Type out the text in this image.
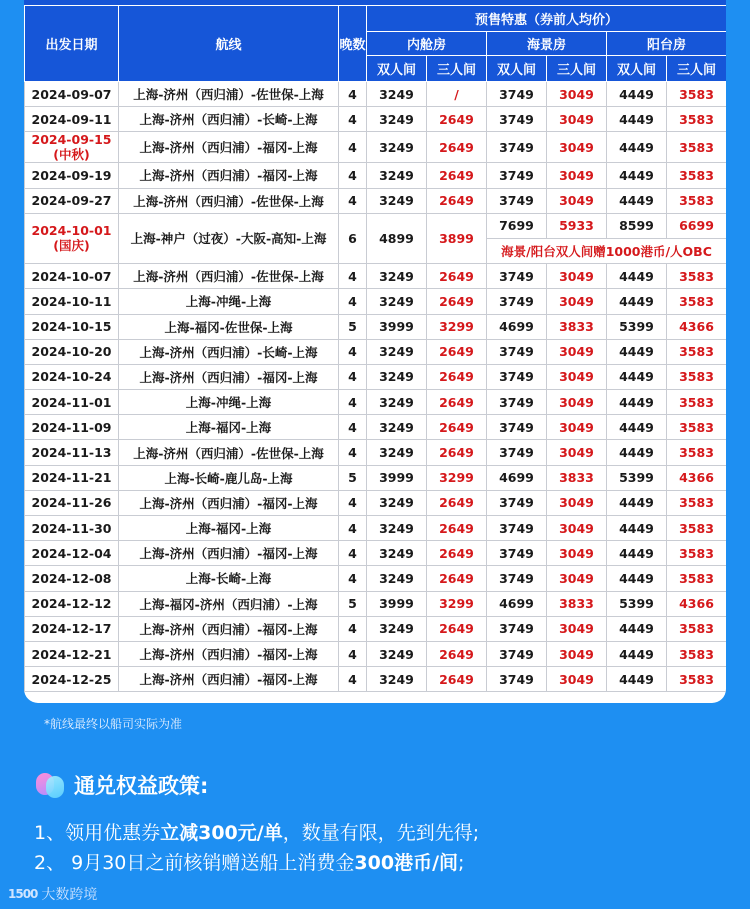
出发日期	航线	晚数	预售特惠（券前人均价）					
			内舱房		海景房		阳台房	
			双人间	三人间	双人间	三人间	双人间	三人间
2024-09-07	上海-济州（西归浦）-佐世保-上海	4	3249	/	3749	3049	4449	3583
2024-09-11	上海-济州（西归浦）-长崎-上海	4	3249	2649	3749	3049	4449	3583

2024-09-15
(中秋)	上海-济州（西归浦）-福冈-上海	4	3249	2649	3749	3049	4449	3583
2024-09-19	上海-济州（西归浦）-福冈-上海	4	3249	2649	3749	3049	4449	3583
2024-09-27	上海-济州（西归浦）-佐世保-上海	4	3249	2649	3749	3049	4449	3583

2024-10-01
(国庆)	上海-神户（过夜）-大阪-高知-上海	6	4899	3899	7699	5933	8599	6699
					海景/阳台双人间赠1000港币/人OBC			
2024-10-07	上海-济州（西归浦）-佐世保-上海	4	3249	2649	3749	3049	4449	3583
2024-10-11	上海-冲绳-上海	4	3249	2649	3749	3049	4449	3583
2024-10-15	上海-福冈-佐世保-上海	5	3999	3299	4699	3833	5399	4366
2024-10-20	上海-济州（西归浦）-长崎-上海	4	3249	2649	3749	3049	4449	3583
2024-10-24	上海-济州（西归浦）-福冈-上海	4	3249	2649	3749	3049	4449	3583
2024-11-01	上海-冲绳-上海	4	3249	2649	3749	3049	4449	3583
2024-11-09	上海-福冈-上海	4	3249	2649	3749	3049	4449	3583
2024-11-13	上海-济州（西归浦）-佐世保-上海	4	3249	2649	3749	3049	4449	3583
2024-11-21	上海-长崎-鹿儿岛-上海	5	3999	3299	4699	3833	5399	4366
2024-11-26	上海-济州（西归浦）-福冈-上海	4	3249	2649	3749	3049	4449	3583
2024-11-30	上海-福冈-上海	4	3249	2649	3749	3049	4449	3583
2024-12-04	上海-济州（西归浦）-福冈-上海	4	3249	2649	3749	3049	4449	3583
2024-12-08	上海-长崎-上海	4	3249	2649	3749	3049	4449	3583
2024-12-12	上海-福冈-济州（西归浦）-上海	5	3999	3299	4699	3833	5399	4366
2024-12-17	上海-济州（西归浦）-福冈-上海	4	3249	2649	3749	3049	4449	3583
2024-12-21	上海-济州（西归浦）-福冈-上海	4	3249	2649	3749	3049	4449	3583
2024-12-25	上海-济州（西归浦）-福冈-上海	4	3249	2649	3749	3049	4449	3583
*航线最终以船司实际为准
通兑权益政策:
1、领用优惠券立减300元/单，数量有限，先到先得;
2、 9月30日之前核销赠送船上消费金300港币/间;
1500 大数跨境
